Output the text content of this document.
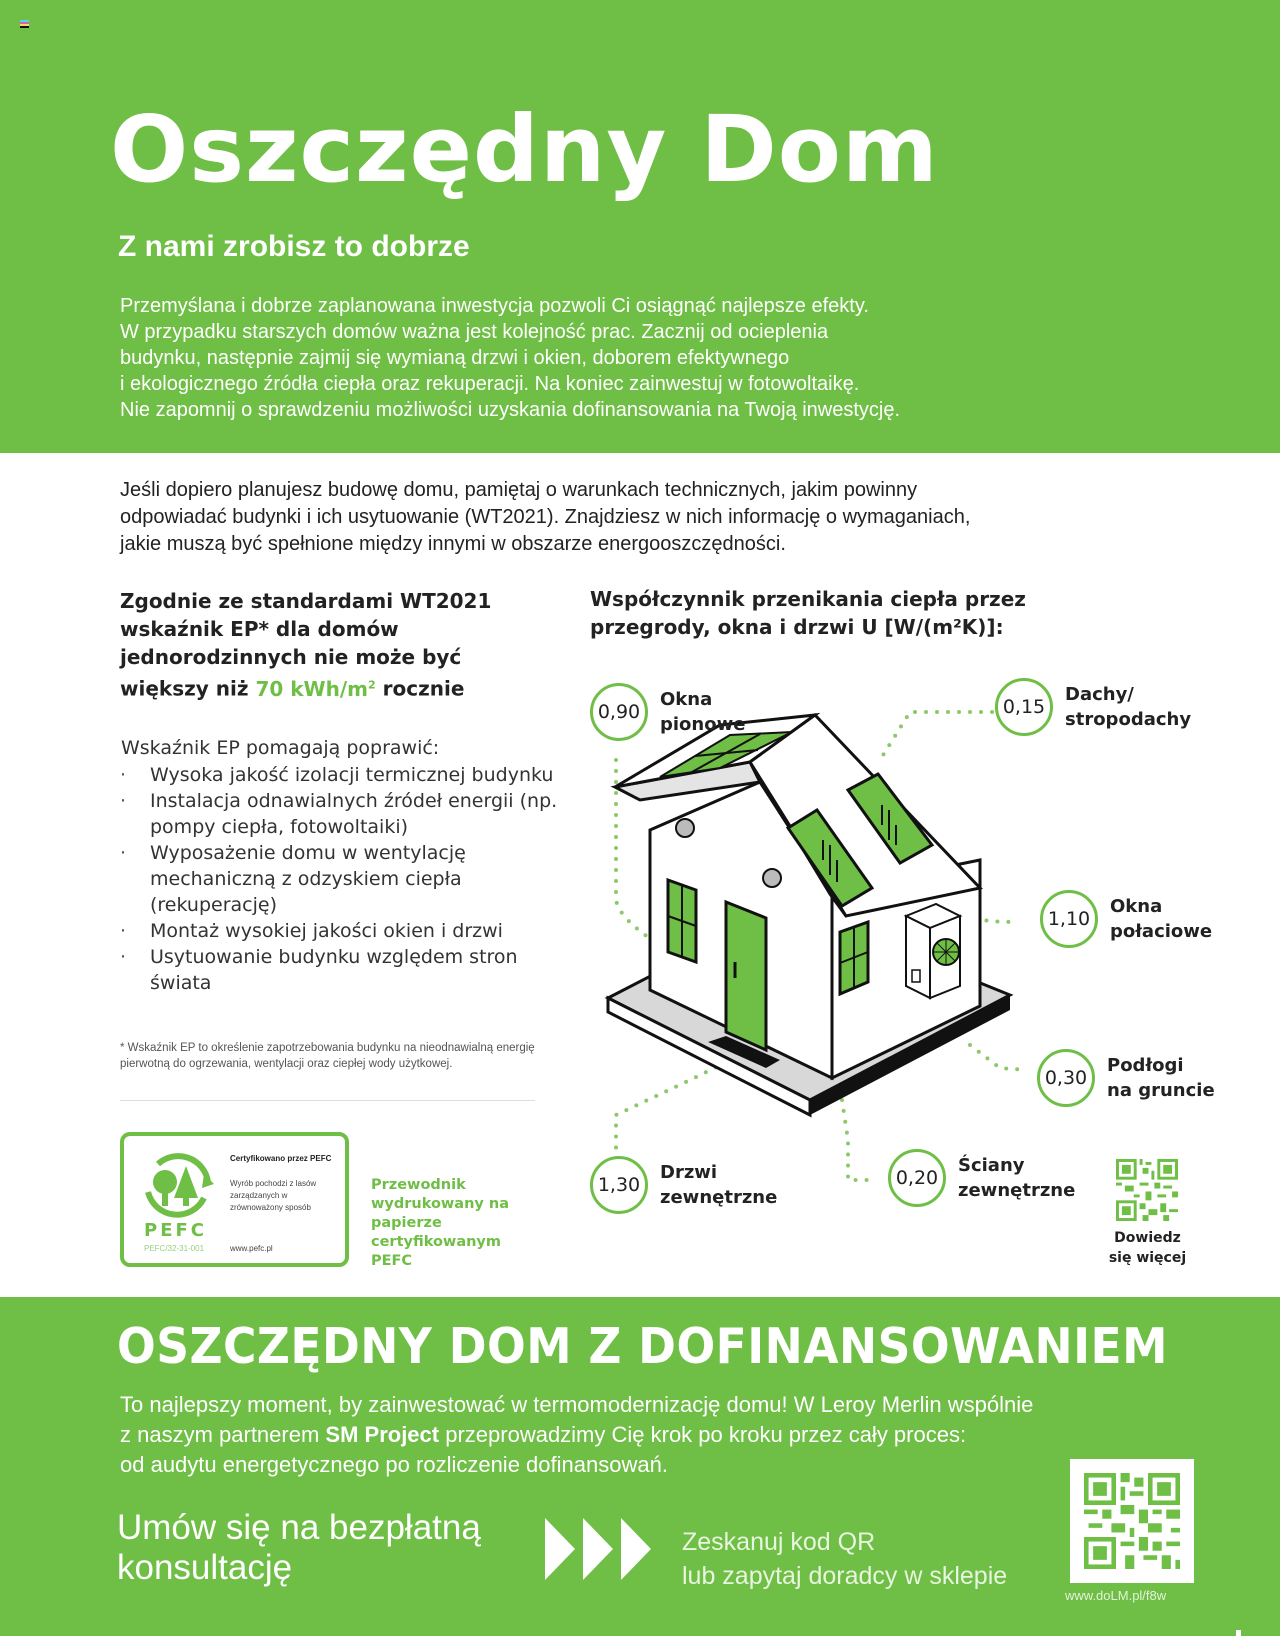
Oszczędny Dom
Z nami zrobisz to dobrze

Przemyślana i dobrze zaplanowana inwestycja pozwoli Ci osiągnąć najlepsze efekty.

W przypadku starszych domów ważna jest kolejność prac. Zacznij od ocieplenia

budynku, następnie zajmij się wymianą drzwi i okien, doborem efektywnego

i ekologicznego źródła ciepła oraz rekuperacji. Na koniec zainwestuj w fotowoltaikę.

Nie zapomnij o sprawdzeniu możliwości uzyskania dofinansowania na Twoją inwestycję.

Jeśli dopiero planujesz budowę domu, pamiętaj o warunkach technicznych, jakim powinny

odpowiadać budynki i ich usytuowanie (WT2021). Znajdziesz w nich informację o wymaganiach,

jakie muszą być spełnione między innymi w obszarze energooszczędności.

Zgodnie ze standardami WT2021
wskaźnik EP* dla domów
jednorodzinnych nie może być
większy niż 70 kWh/$m^2$ rocznie
Wskaźnik EP pomagają poprawić:
· Wysoka jakość izolacji termicznej budynku
· Instalacja odnawialnych źródeł energii (np. pompy ciepła, fotowoltaiki)
· Wyposażenie domu w wentylację mechaniczną z odzyskiem ciepła (rekuperację)
· Montaż wysokiej jakości okien i drzwi
· Usytuowanie budynku względem stron świata
* Wskaźnik EP to określenie zapotrzebowania budynku na nieodnawialną energię pierwotną do ogrzewania, wentylacji oraz ciepłej wody użytkowej.
PEFC
PEFC/32-31-001
Certyfikowano przez PEFC
Wyrób pochodzi z lasów zarządzanych w zrównoważony sposób
www.pefc.pl
Przewodnik wydrukowany na papierze certyfikowanym PEFC
Współczynnik przenikania ciepła przez
przegrody, okna i drzwi U [W/(m²K)]:
0,90
Okna
pionowe
0,15
Dachy/
stropodachy
1,10
Okna
połaciowe
0,30
Podłogi
na gruncie
1,30
Drzwi
zewnętrzne
0,20
Ściany
zewnętrzne
Dowiedz
się więcej
OSZCZĘDNY DOM Z DOFINANSOWANIEM

To najlepszy moment, by zainwestować w termomodernizację domu! W Leroy Merlin wspólnie

z naszym partnerem SM Project przeprowadzimy Cię krok po kroku przez cały proces:

od audytu energetycznego po rozliczenie dofinansowań.

Umów się na bezpłatną
konsultację
Zeskanuj kod QR
lub zapytaj doradcy w sklepie
www.doLM.pl/f8w
